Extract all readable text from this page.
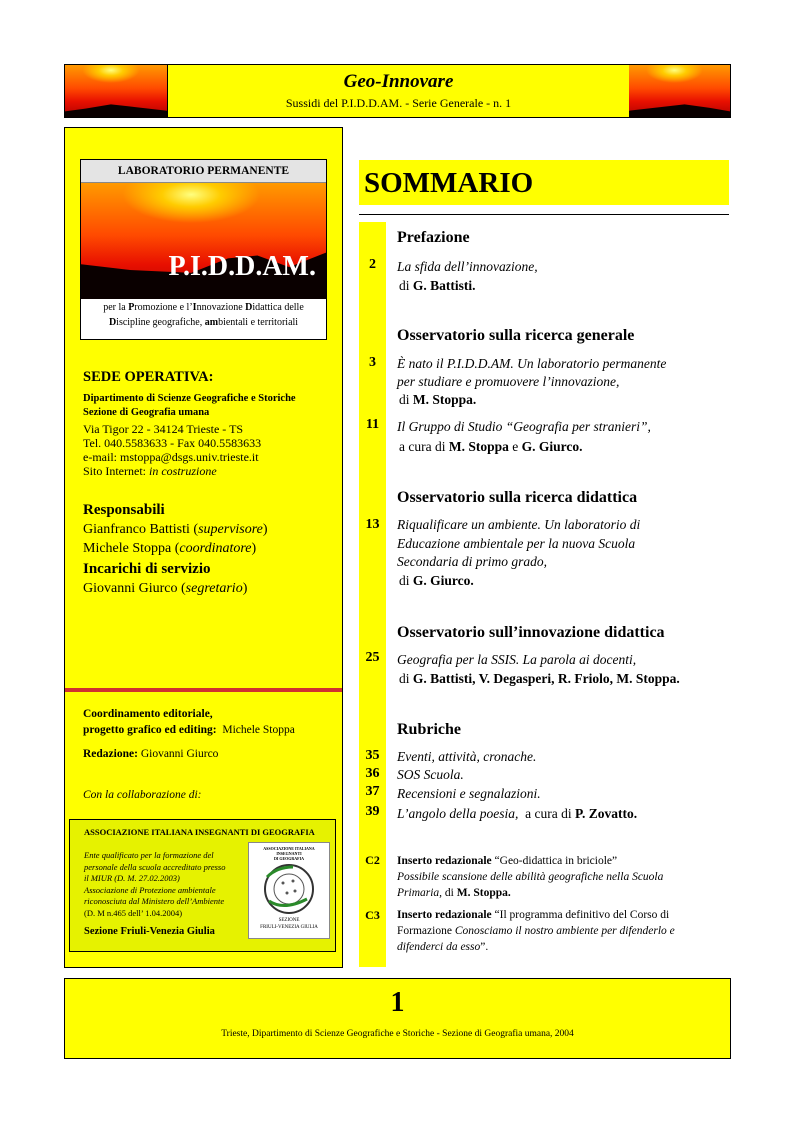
Geo-Innovare
Sussidi del P.I.D.D.AM. - Serie Generale - n. 1
LABORATORIO PERMANENTE
P.I.D.D.AM.
per la Promozione e l’Innovazione Didattica delle
Discipline geografiche, ambientali e territoriali
SEDE OPERATIVA:
Dipartimento di Scienze Geografiche e Storiche
Sezione di Geografia umana
Via Tigor 22 - 34124 Trieste - TS
Tel. 040.5583633 - Fax 040.5583633
e-mail: mstoppa@dsgs.univ.trieste.it
Sito Internet: in costruzione
Responsabili
Gianfranco Battisti (supervisore)
Michele Stoppa (coordinatore)
Incarichi di servizio
Giovanni Giurco (segretario)
Coordinamento editoriale,
progetto grafico ed editing: Michele Stoppa
Redazione: Giovanni Giurco
Con la collaborazione di:
ASSOCIAZIONE ITALIANA INSEGNANTI DI GEOGRAFIA
Ente qualificato per la formazione del
personale della scuola accreditato presso
il MIUR (D. M. 27.02.2003)
Associazione di Protezione ambientale
riconosciuta dal Ministero dell’Ambiente
(D. M n.465 dell’ 1.04.2004)
Sezione Friuli-Venezia Giulia
ASSOCIAZIONE ITALIANA
INSEGNANTI
DI GEOGRAFIA
SEZIONE
FRIULI-VENEZIA GIULIA
SOMMARIO
Prefazione
2	La sfida dell’innovazione,
di G. Battisti.
Osservatorio sulla ricerca generale
3	È nato il P.I.D.D.AM. Un laboratorio permanente
per studiare e promuovere l’innovazione,
di M. Stoppa.
11	Il Gruppo di Studio “Geografia per stranieri”,
a cura di M. Stoppa e G. Giurco.
Osservatorio sulla ricerca didattica
13	Riqualificare un ambiente. Un laboratorio di
Educazione ambientale per la nuova Scuola
Secondaria di primo grado,
di G. Giurco.
Osservatorio sull’innovazione didattica
25	Geografia per la SSIS. La parola ai docenti,
di G. Battisti, V. Degasperi, R. Friolo, M. Stoppa.
Rubriche
35	Eventi, attività, cronache.
36	SOS Scuola.
37	Recensioni e segnalazioni.
39	L’angolo della poesia,  a cura di P. Zovatto.
C2	Inserto redazionale “Geo-didattica in briciole”
Possibile scansione delle abilità geografiche nella Scuola
Primaria, di M. Stoppa.
C3	Inserto redazionale “Il programma definitivo del Corso di
Formazione Conosciamo il nostro ambiente per difenderlo e
difenderci da esso”.
1
Trieste, Dipartimento di Scienze Geografiche e Storiche - Sezione di Geografia umana, 2004
